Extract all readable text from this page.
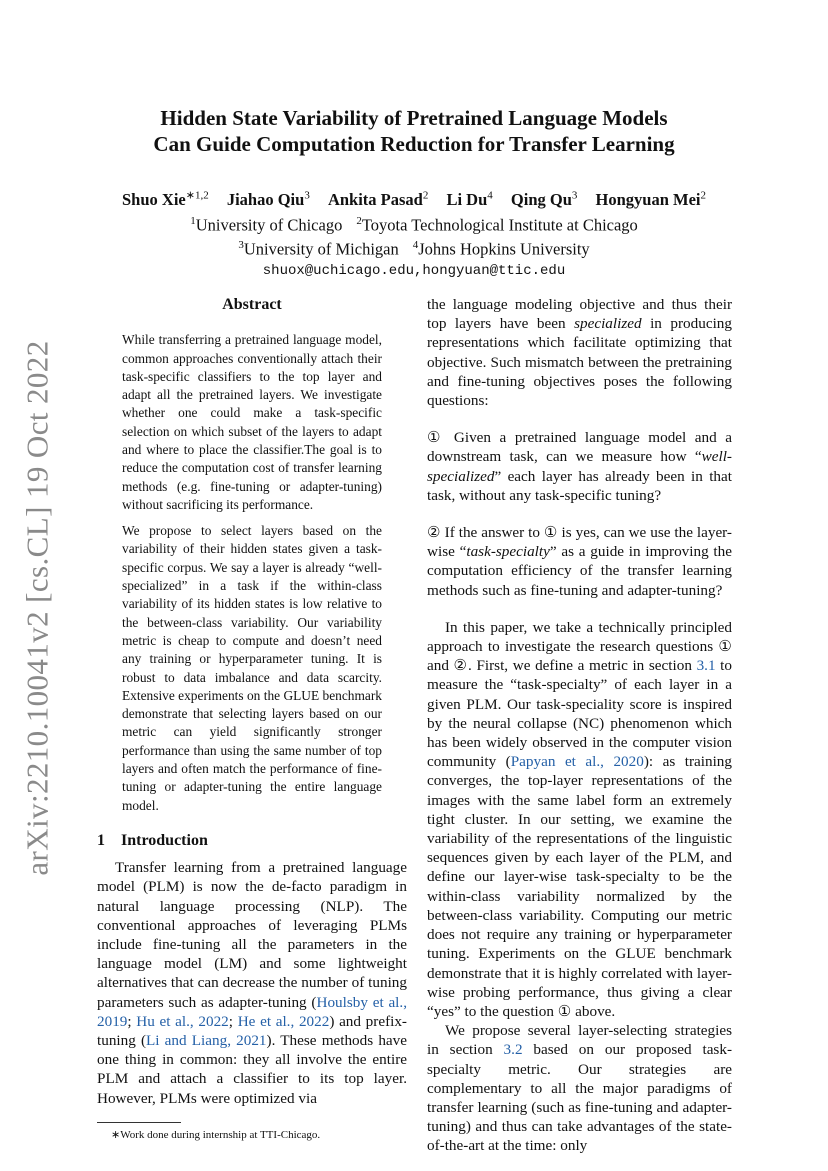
arXiv:2210.10041v2 [cs.CL] 19 Oct 2022
Hidden State Variability of Pretrained Language Models
Can Guide Computation Reduction for Transfer Learning
Shuo Xie$^{∗1,2}$ Jiahao Qiu$^3$ Ankita Pasad$^2$ Li Du$^4$ Qing Qu$^3$ Hongyuan Mei$^2$
$^1$University of Chicago $^2$Toyota Technological Institute at Chicago
$^3$University of Michigan $^4$Johns Hopkins University
shuox@uchicago.edu,hongyuan@ttic.edu
Abstract

While transferring a pretrained language model, common approaches conventionally attach their task-specific classifiers to the top layer and adapt all the pretrained layers. We investigate whether one could make a task-specific selection on which subset of the layers to adapt and where to place the classifier.The goal is to reduce the computation cost of transfer learning methods (e.g. fine-tuning or adapter-tuning) without sacrificing its performance.

We propose to select layers based on the variability of their hidden states given a task-specific corpus. We say a layer is already “well-specialized” in a task if the within-class variability of its hidden states is low relative to the between-class variability. Our variability metric is cheap to compute and doesn’t need any training or hyperparameter tuning. It is robust to data imbalance and data scarcity. Extensive experiments on the GLUE benchmark demonstrate that selecting layers based on our metric can yield significantly stronger performance than using the same number of top layers and often match the performance of fine-tuning or adapter-tuning the entire language model.

1 Introduction

Transfer learning from a pretrained language model (PLM) is now the de-facto paradigm in natural language processing (NLP). The conventional approaches of leveraging PLMs include fine-tuning all the parameters in the language model (LM) and some lightweight alternatives that can decrease the number of tuning parameters such as adapter-tuning (Houlsby et al., 2019; Hu et al., 2022; He et al., 2022) and prefix-tuning (Li and Liang, 2021). These methods have one thing in common: they all involve the entire PLM and attach a classifier to its top layer. However, PLMs were optimized via

∗Work done during internship at TTI-Chicago.

the language modeling objective and thus their top layers have been specialized in producing representations which facilitate optimizing that objective. Such mismatch between the pretraining and fine-tuning objectives poses the following questions:

① Given a pretrained language model and a downstream task, can we measure how “well-specialized” each layer has already been in that task, without any task-specific tuning?

② If the answer to ① is yes, can we use the layer-wise “task-specialty” as a guide in improving the computation efficiency of the transfer learning methods such as fine-tuning and adapter-tuning?

In this paper, we take a technically principled approach to investigate the research questions ① and ②. First, we define a metric in section 3.1 to measure the “task-specialty” of each layer in a given PLM. Our task-speciality score is inspired by the neural collapse (NC) phenomenon which has been widely observed in the computer vision community (Papyan et al., 2020): as training converges, the top-layer representations of the images with the same label form an extremely tight cluster. In our setting, we examine the variability of the representations of the linguistic sequences given by each layer of the PLM, and define our layer-wise task-specialty to be the within-class variability normalized by the between-class variability. Computing our metric does not require any training or hyperparameter tuning. Experiments on the GLUE benchmark demonstrate that it is highly correlated with layer-wise probing performance, thus giving a clear “yes” to the question ① above.

We propose several layer-selecting strategies in section 3.2 based on our proposed task-specialty metric. Our strategies are complementary to all the major paradigms of transfer learning (such as fine-tuning and adapter-tuning) and thus can take advantages of the state-of-the-art at the time: only
